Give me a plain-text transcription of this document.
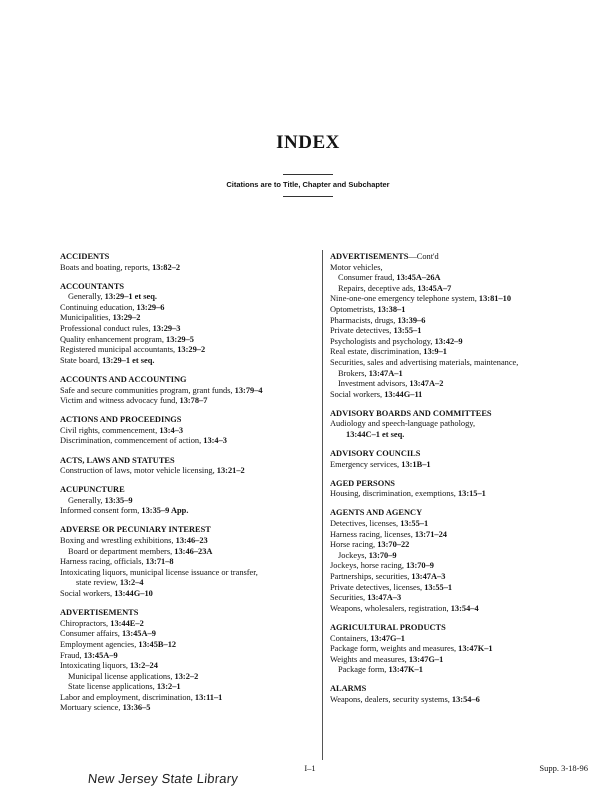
INDEX
Citations are to Title, Chapter and Subchapter
ACCIDENTS
Boats and boating, reports, 13:82–2
ACCOUNTANTS
Generally, 13:29–1 et seq.
Continuing education, 13:29–6
Municipalities, 13:29–2
Professional conduct rules, 13:29–3
Quality enhancement program, 13:29–5
Registered municipal accountants, 13:29–2
State board, 13:29–1 et seq.
ACCOUNTS AND ACCOUNTING
Safe and secure communities program, grant funds, 13:79–4
Victim and witness advocacy fund, 13:78–7
ACTIONS AND PROCEEDINGS
Civil rights, commencement, 13:4–3
Discrimination, commencement of action, 13:4–3
ACTS, LAWS AND STATUTES
Construction of laws, motor vehicle licensing, 13:21–2
ACUPUNCTURE
Generally, 13:35–9
Informed consent form, 13:35–9 App.
ADVERSE OR PECUNIARY INTEREST
Boxing and wrestling exhibitions, 13:46–23
Board or department members, 13:46–23A
Harness racing, officials, 13:71–8
Intoxicating liquors, municipal license issuance or transfer,
state review, 13:2–4
Social workers, 13:44G–10
ADVERTISEMENTS
Chiropractors, 13:44E–2
Consumer affairs, 13:45A–9
Employment agencies, 13:45B–12
Fraud, 13:45A–9
Intoxicating liquors, 13:2–24
Municipal license applications, 13:2–2
State license applications, 13:2–1
Labor and employment, discrimination, 13:11–1
Mortuary science, 13:36–5
ADVERTISEMENTS—Cont'd
Motor vehicles,
Consumer fraud, 13:45A–26A
Repairs, deceptive ads, 13:45A–7
Nine-one-one emergency telephone system, 13:81–10
Optometrists, 13:38–1
Pharmacists, drugs, 13:39–6
Private detectives, 13:55–1
Psychologists and psychology, 13:42–9
Real estate, discrimination, 13:9–1
Securities, sales and advertising materials, maintenance,
Brokers, 13:47A–1
Investment advisors, 13:47A–2
Social workers, 13:44G–11
ADVISORY BOARDS AND COMMITTEES
Audiology and speech-language pathology,
13:44C–1 et seq.
ADVISORY COUNCILS
Emergency services, 13:1B–1
AGED PERSONS
Housing, discrimination, exemptions, 13:15–1
AGENTS AND AGENCY
Detectives, licenses, 13:55–1
Harness racing, licenses, 13:71–24
Horse racing, 13:70–22
Jockeys, 13:70–9
Jockeys, horse racing, 13:70–9
Partnerships, securities, 13:47A–3
Private detectives, licenses, 13:55–1
Securities, 13:47A–3
Weapons, wholesalers, registration, 13:54–4
AGRICULTURAL PRODUCTS
Containers, 13:47G–1
Package form, weights and measures, 13:47K–1
Weights and measures, 13:47G–1
Package form, 13:47K–1
ALARMS
Weapons, dealers, security systems, 13:54–6
I–1	Supp. 3-18-96
New Jersey State Library
